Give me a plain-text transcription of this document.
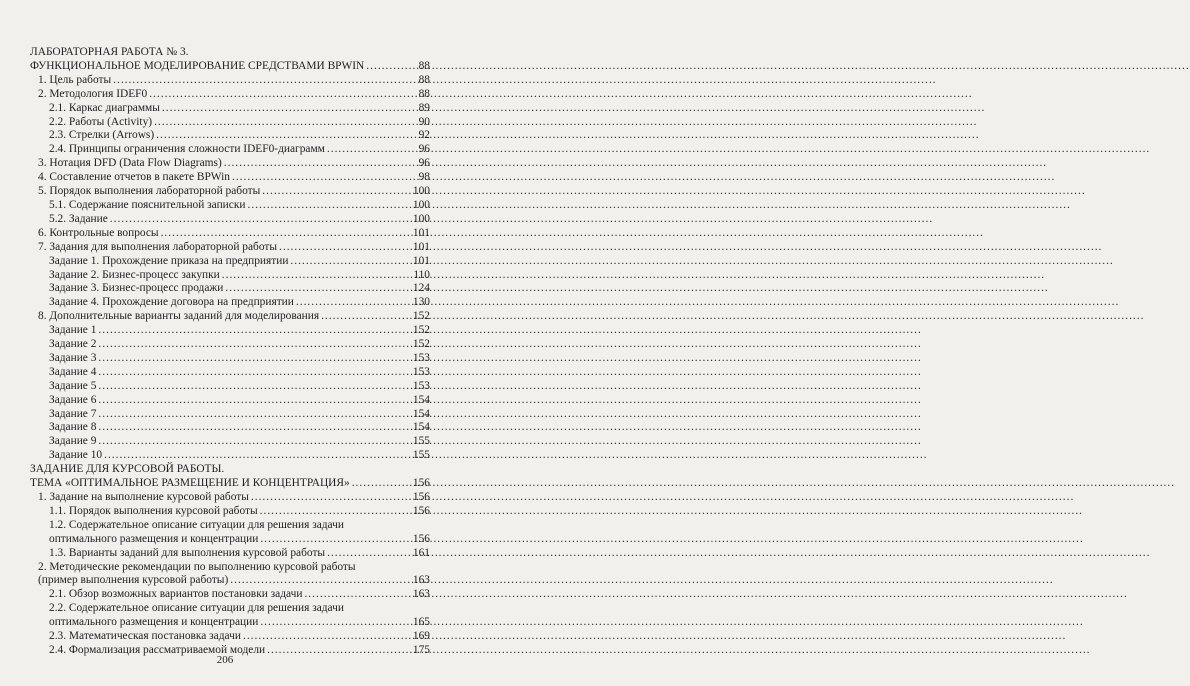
ЛАБОРАТОРНАЯ РАБОТА № 3.
ФУНКЦИОНАЛЬНОЕ МОДЕЛИРОВАНИЕ СРЕДСТВАМИ BPWIN .....	88
1. Цель работы .....	88
2. Методология IDEF0 .....	88
2.1. Каркас диаграммы .....	89
2.2. Работы (Activity) .....	90
2.3. Стрелки (Arrows) .....	92
2.4. Принципы ограничения сложности IDEF0-диаграмм .....	96
3. Нотация DFD (Data Flow Diagrams) .....	96
4. Составление отчетов в пакете BPWin .....	98
5. Порядок выполнения лабораторной работы .....	100
5.1. Содержание пояснительной записки .....	100
5.2. Задание .....	100
6. Контрольные вопросы .....	101
7. Задания для выполнения лабораторной работы .....	101
Задание 1. Прохождение приказа на предприятии .....	101
Задание 2. Бизнес-процесс закупки .....	110
Задание 3. Бизнес-процесс продажи .....	124
Задание 4. Прохождение договора на предприятии .....	130
8. Дополнительные варианты заданий для моделирования .....	152
Задание 1 .....	152
Задание 2 .....	152
Задание 3 .....	153
Задание 4 .....	153
Задание 5 .....	153
Задание 6 .....	154
Задание 7 .....	154
Задание 8 .....	154
Задание 9 .....	155
Задание 10 .....	155
ЗАДАНИЕ ДЛЯ КУРСОВОЙ РАБОТЫ.
ТЕМА «ОПТИМАЛЬНОЕ РАЗМЕЩЕНИЕ И КОНЦЕНТРАЦИЯ» .....	156
1. Задание на выполнение курсовой работы .....	156
1.1. Порядок выполнения курсовой работы .....	156
1.2. Содержательное описание ситуации для решения задачи
оптимального размещения и концентрации .....	156
1.3. Варианты заданий для выполнения курсовой работы .....	161
2. Методические рекомендации по выполнению курсовой работы
(пример выполнения курсовой работы) .....	163
2.1. Обзор возможных вариантов постановки задачи .....	163
2.2. Содержательное описание ситуации для решения задачи
оптимального размещения и концентрации .....	165
2.3. Математическая постановка задачи .....	169
2.4. Формализация рассматриваемой модели .....	175
206
